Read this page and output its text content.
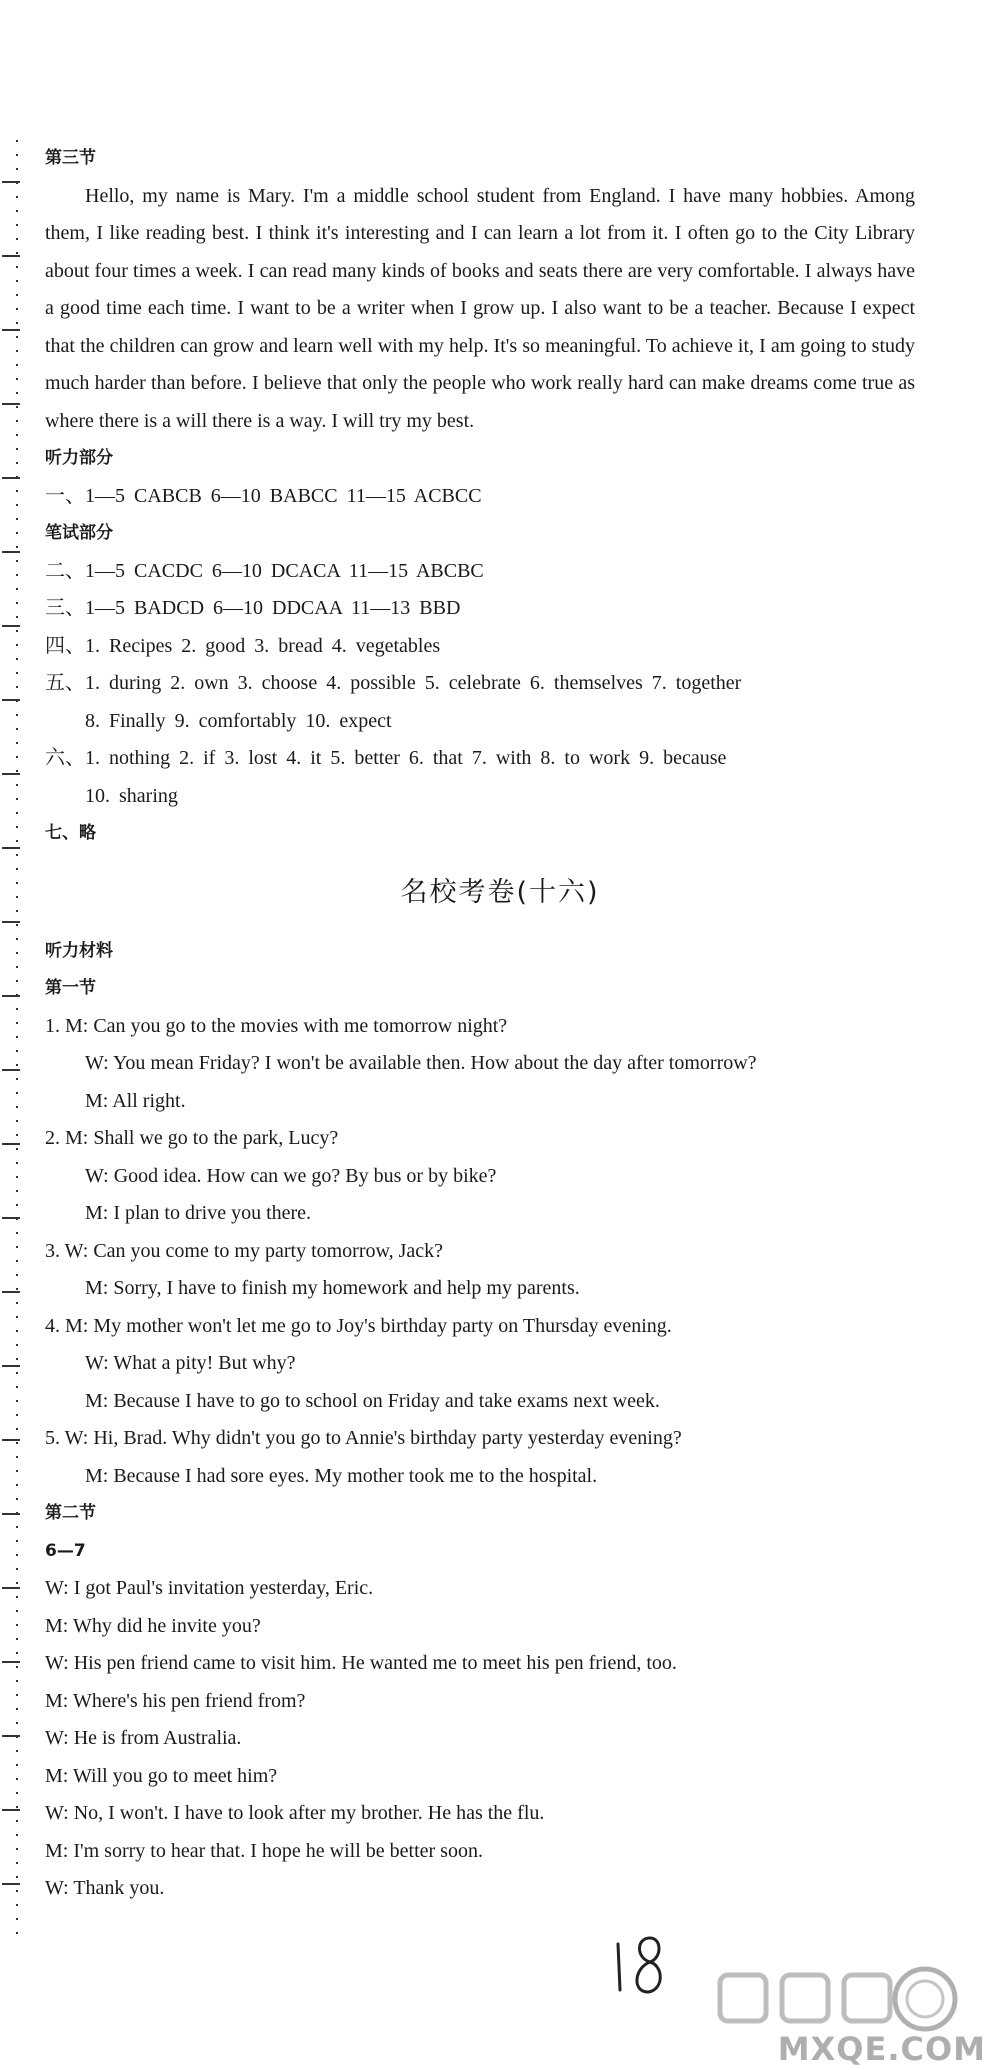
第三节

Hello, my name is Mary. I'm a middle school student from England. I have many hobbies. Among them, I like reading best. I think it's interesting and I can learn a lot from it. I often go to the City Library about four times a week. I can read many kinds of books and seats there are very comfortable. I always have a good time each time. I want to be a writer when I grow up. I also want to be a teacher. Because I expect that the children can grow and learn well with my help. It's so meaningful. To achieve it, I am going to study much harder than before. I believe that only the people who work really hard can make dreams come true as where there is a will there is a way. I will try my best.

听力部分
一、1—5 CABCB 6—10 BABCC 11—15 ACBCC
笔试部分
二、1—5 CACDC 6—10 DCACA 11—15 ABCBC
三、1—5 BADCD 6—10 DDCAA 11—13 BBD
四、1. Recipes 2. good 3. bread 4. vegetables
五、1. during 2. own 3. choose 4. possible 5. celebrate 6. themselves 7. together
8. Finally 9. comfortably 10. expect
六、1. nothing 2. if 3. lost 4. it 5. better 6. that 7. with 8. to work 9. because
10. sharing
七、略
名校考卷(十六)
听力材料
第一节
1. M: Can you go to the movies with me tomorrow night?
W: You mean Friday? I won't be available then. How about the day after tomorrow?
M: All right.
2. M: Shall we go to the park, Lucy?
W: Good idea. How can we go? By bus or by bike?
M: I plan to drive you there.
3. W: Can you come to my party tomorrow, Jack?
M: Sorry, I have to finish my homework and help my parents.
4. M: My mother won't let me go to Joy's birthday party on Thursday evening.
W: What a pity! But why?
M: Because I have to go to school on Friday and take exams next week.
5. W: Hi, Brad. Why didn't you go to Annie's birthday party yesterday evening?
M: Because I had sore eyes. My mother took me to the hospital.
第二节
6—7
W: I got Paul's invitation yesterday, Eric.
M: Why did he invite you?
W: His pen friend came to visit him. He wanted me to meet his pen friend, too.
M: Where's his pen friend from?
W: He is from Australia.
M: Will you go to meet him?
W: No, I won't. I have to look after my brother. He has the flu.
M: I'm sorry to hear that. I hope he will be better soon.
W: Thank you.
MXQE.COM
